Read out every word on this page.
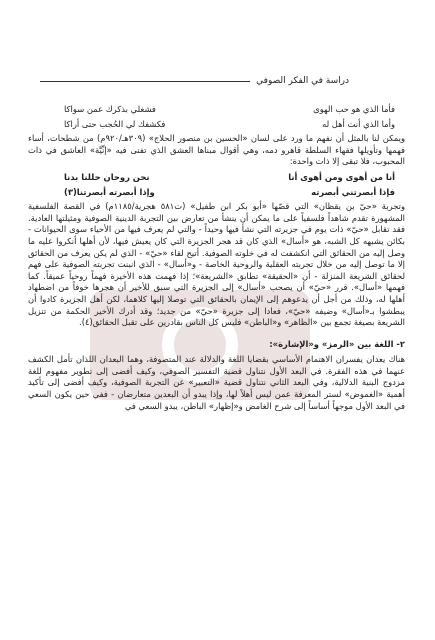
دراسة في الفكر الصوفي
فأما الذي هو حب الهوى
فشغلي بذكرك عمن سواكا
وأما الذي أنت أهل له
فكشفك لي الحُجب حتى أراكا

ويمكن لنا بالمثل أن نفهم ما ورد على لسان «الحسين بن منصور الحلاج» (٣٠٩هـ/٩٢٠م) من شطحات، أساء فهمها وتأويلها فقهاء السلطة قاهرو دمه، وهي أقوال مبناها العشق الذي تفنى فيه «إنِّيَّة» العاشق في ذات المحبوب، فلا تبقى إلا ذات واحدة:

أنا من أهوى ومن أهوى أنا
نحن روحان حللنا بدنا
فإذا أبصرتني أبصرته
وإذا أبصرته أبصرتنا(٣)

وتجربة «حيّ بن يقظان» التي قصّها «أبو بكر ابن طفيل» (ت٥٨١ هجرية/١١٨٥م) في القصة الفلسفية المشهورة تقدم شاهداً فلسفياً على ما يمكن أن ينشأ من تعارض بين التجربة الدينية الصوفية ومثيلتها العادية. فقد تقابل «حيّ» ذات يوم في جزيرته التي نشأ فيها وحيداً - والتي لم يعرف فيها من الأحياء سوى الحيوانات - بكائن يشبهه كل الشبه، هو «أسال» الذي كان قد هجر الجزيرة التي كان يعيش فيها، لأن أهلها أنكروا عليه ما وصل إليه من الحقائق التي انكشفت له في خلوته الصوفية. أتيح لقاء «حيّ» - الذي لم يكن يعرف من الحقائق إلا ما توصل إليه من خلال تجربته العقلية والروحية الخاصة - و«أسال» - الذي انبنت تجربته الصوفية على فهم لحقائق الشريعة المنزلة - أن «الحقيقة» تطابق «الشريعة»؛ إذا فهمت هذه الأخيرة فهماً روحياً عميقاً. كما فهمها «أسال». قرر «حيّ» أن يصحب «أسال» إلى الجزيرة التي سبق للأخير أن هجرها خوفاً من اضطهاد أهلها له، وذلك من أجل أن يدعوهم إلى الإيمان بالحقائق التي توصلا إليها كلاهما، لكن أهل الجزيرة كادوا أن يبطشوا بـ«أسال» وضيفه «حيّ»، فعادا إلى جزيرة «حيّ» من جديد؛ وقد أدرك الأخير الحكمة من تنزيل الشريعة بصيغة تجمع بين «الظاهر» و«الباطن» فليس كل الناس بقادرين على تقبل الحقائق(٤).

٢- اللغة بين «الرمز» و«الإشارة»:

هناك يعدان يفسران الاهتمام الأساسي بقضايا اللغة والدلالة عند المتصوفة، وهما البعدان اللذان تأمل الكشف عنهما في هذه الفقرة. في البعد الأول نتناول قضية التفسير الصوفي، وكيف أفضى إلى تطوير مفهوم للغة مزدوج البنية الدلالية، وفي البعد الثاني نتناول قضية «التعبير» عن التجربة الصوفية، وكيف أفضى إلى تأكيد أهمية «الغموض» لستر المعرفة عمن ليس أهلاً لها، وإذا يبدو أن البعدين متعارضان - ففي حين يكون السعي في البعد الأول موجهاً أساساً إلى شرح الغامض و«إظهار» الباطن، يبدو السعي في
